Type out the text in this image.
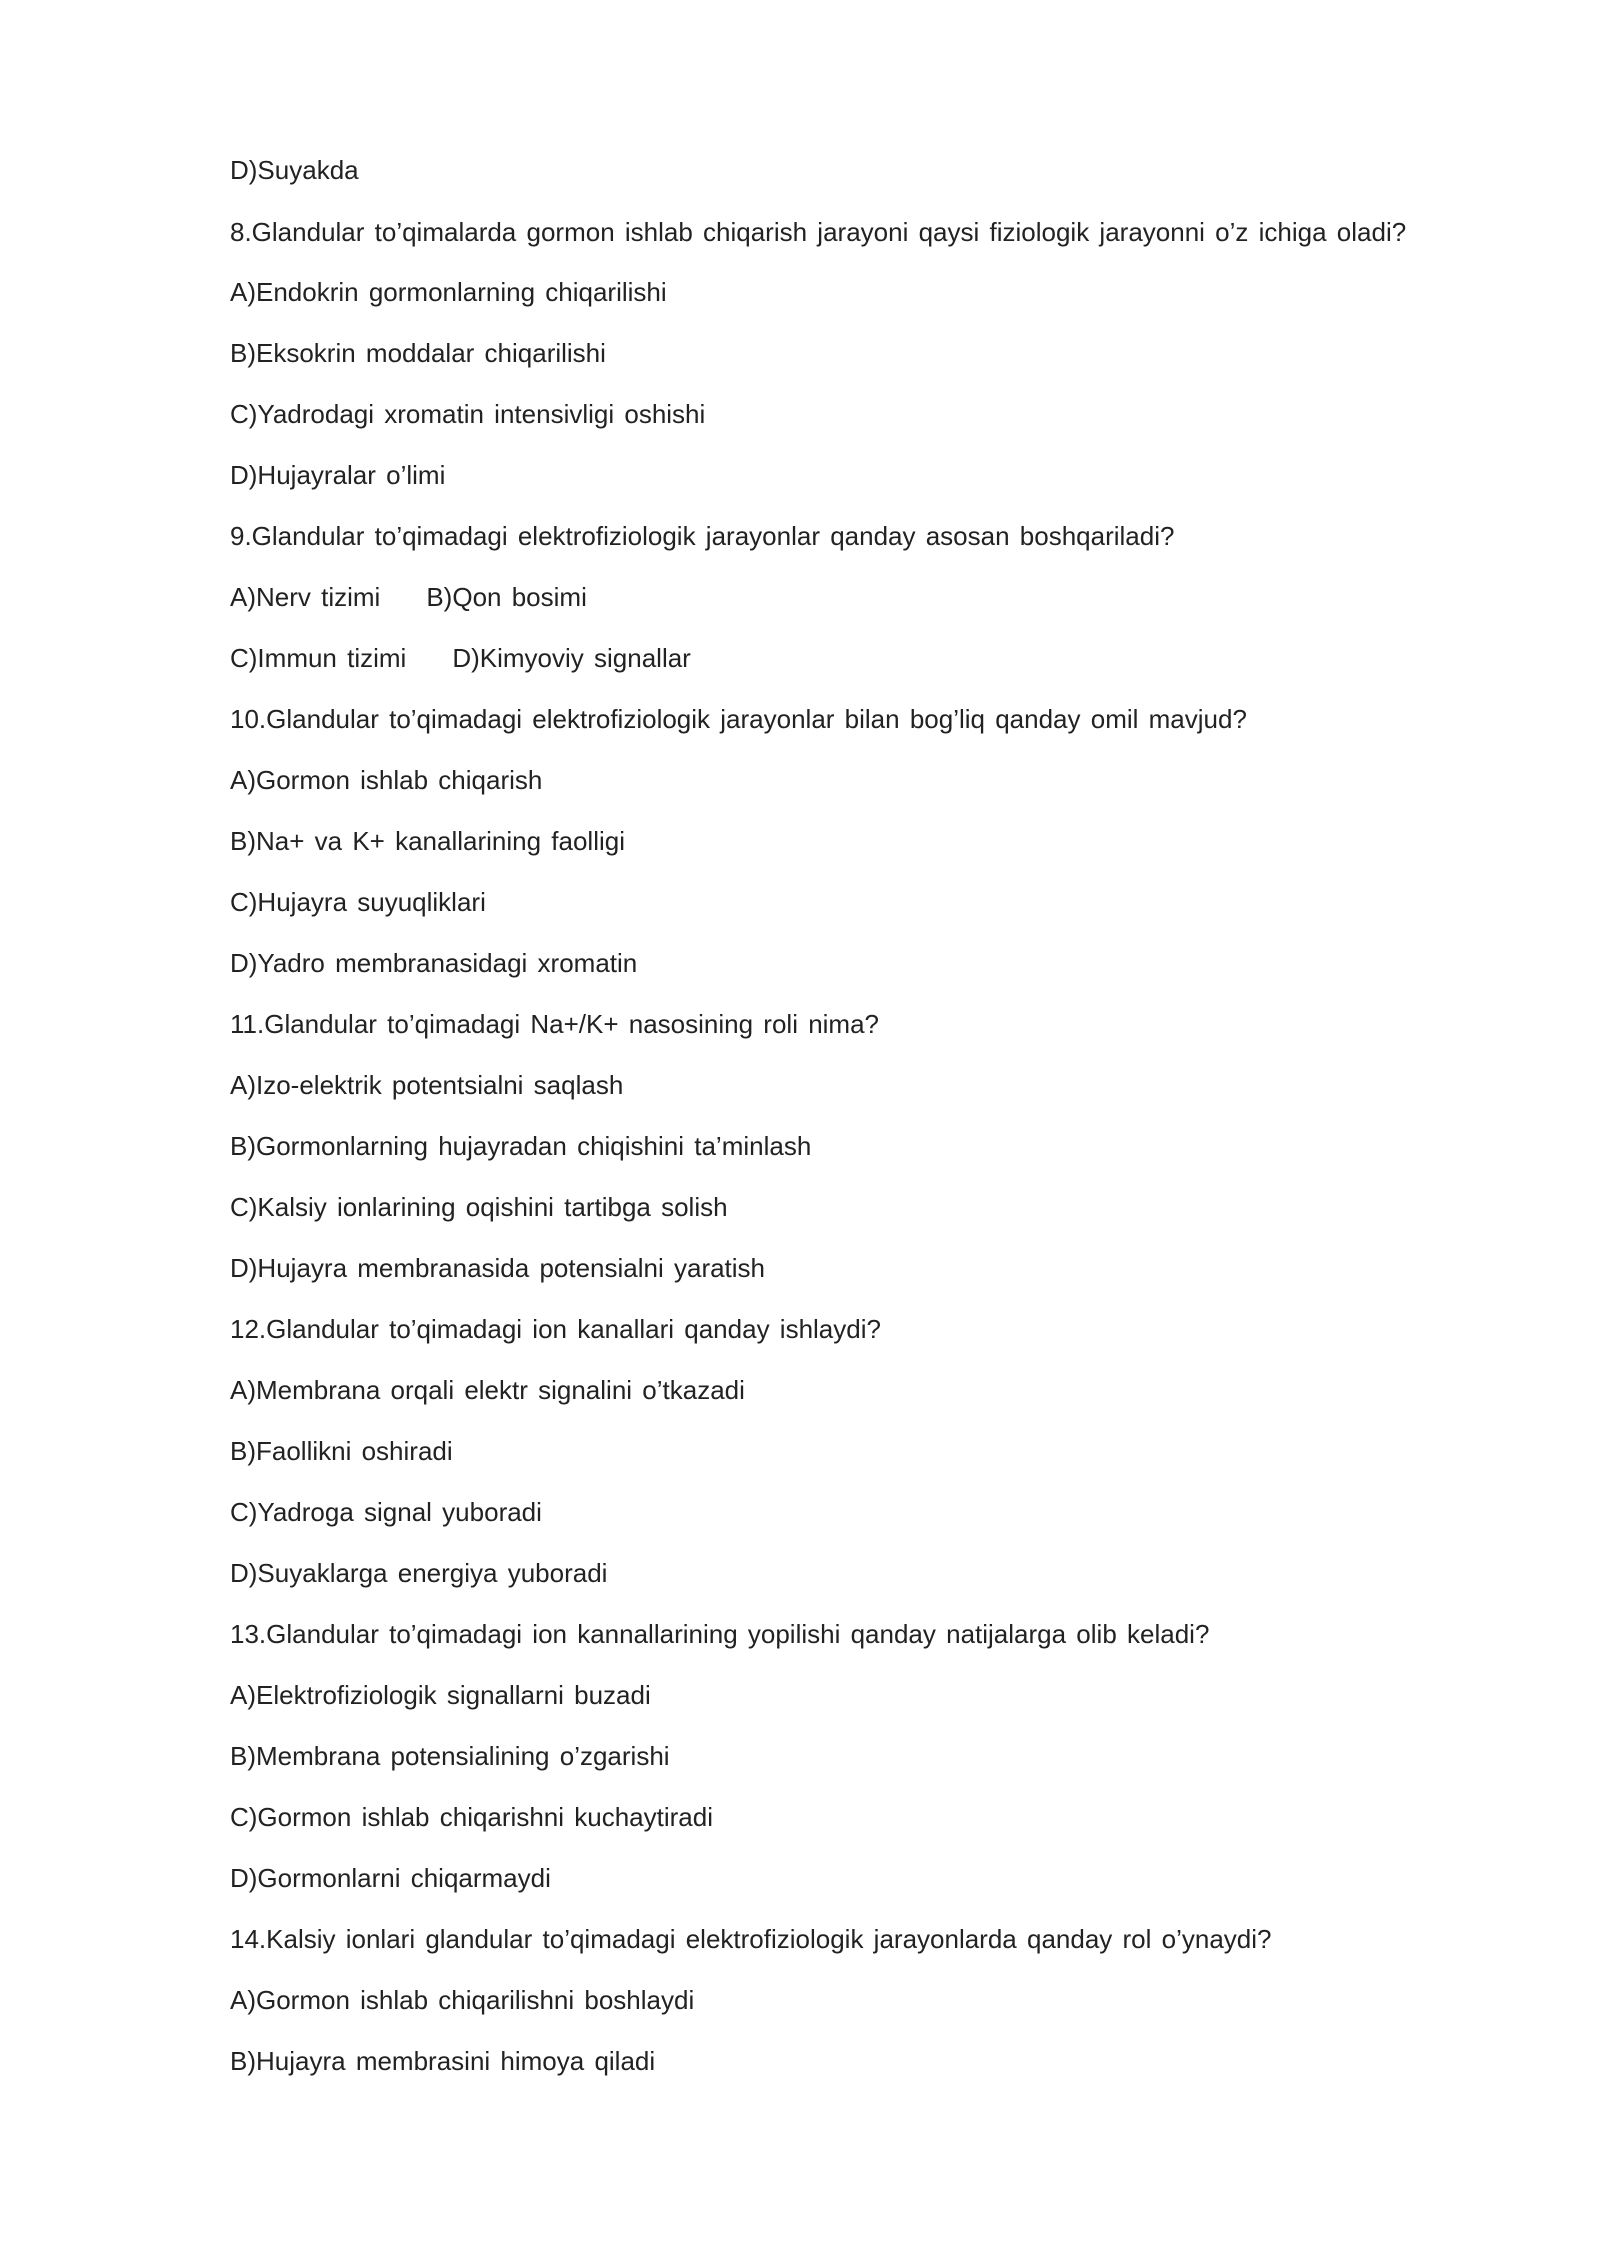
D)Suyakda
8.Glandular to’qimalarda gormon ishlab chiqarish jarayoni qaysi fiziologik jarayonni o’z ichiga oladi?
A)Endokrin gormonlarning chiqarilishi
B)Eksokrin moddalar chiqarilishi
C)Yadrodagi xromatin intensivligi oshishi
D)Hujayralar o’limi
9.Glandular to’qimadagi elektrofiziologik jarayonlar qanday asosan boshqariladi?
A)Nerv tizimi B)Qon bosimi
C)Immun tizimi D)Kimyoviy signallar
10.Glandular to’qimadagi elektrofiziologik jarayonlar bilan bog’liq qanday omil mavjud?
A)Gormon ishlab chiqarish
B)Na+ va K+ kanallarining faolligi
C)Hujayra suyuqliklari
D)Yadro membranasidagi xromatin
11.Glandular to’qimadagi Na+/K+ nasosining roli nima?
A)Izo-elektrik potentsialni saqlash
B)Gormonlarning hujayradan chiqishini ta’minlash
C)Kalsiy ionlarining oqishini tartibga solish
D)Hujayra membranasida potensialni yaratish
12.Glandular to’qimadagi ion kanallari qanday ishlaydi?
A)Membrana orqali elektr signalini o’tkazadi
B)Faollikni oshiradi
C)Yadroga signal yuboradi
D)Suyaklarga energiya yuboradi
13.Glandular to’qimadagi ion kannallarining yopilishi qanday natijalarga olib keladi?
A)Elektrofiziologik signallarni buzadi
B)Membrana potensialining o’zgarishi
C)Gormon ishlab chiqarishni kuchaytiradi
D)Gormonlarni chiqarmaydi
14.Kalsiy ionlari glandular to’qimadagi elektrofiziologik jarayonlarda qanday rol o’ynaydi?
A)Gormon ishlab chiqarilishni boshlaydi
B)Hujayra membrasini himoya qiladi
